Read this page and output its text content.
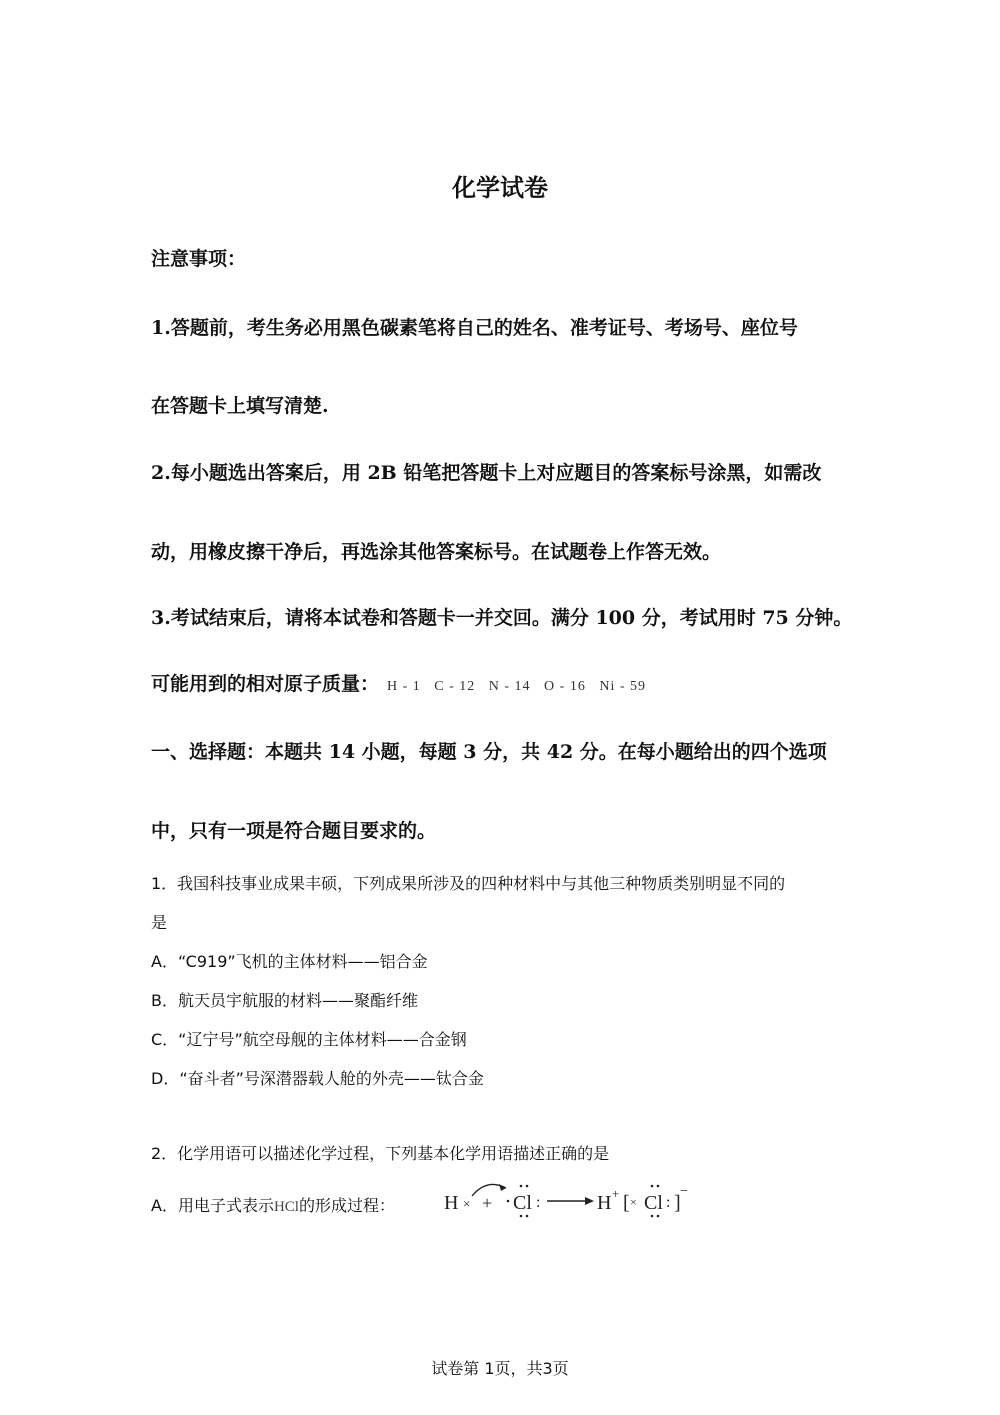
化学试卷
注意事项：
1.答题前，考生务必用黑色碳素笔将自己的姓名、准考证号、考场号、座位号
在答题卡上填写清楚.
2.每小题选出答案后，用 2B 铅笔把答题卡上对应题目的答案标号涂黑，如需改
动，用橡皮擦干净后，再选涂其他答案标号。在试题卷上作答无效。
3.考试结束后，请将本试卷和答题卡一并交回。满分 100 分，考试用时 75 分钟。
可能用到的相对原子质量： H - 1   C - 12   N - 14   O - 16   Ni - 59
一、选择题：本题共 14 小题，每题 3 分，共 42 分。在每小题给出的四个选项
中，只有一项是符合题目要求的。
1．我国科技事业成果丰硕，下列成果所涉及的四种材料中与其他三种物质类别明显不同的
是
A．“C919”飞机的主体材料——铝合金
B．航天员宇航服的材料——聚酯纤维
C．“辽宁号”航空母舰的主体材料——合金钢
D．“奋斗者”号深潜器载人舱的外壳——钛合金
2．化学用语可以描述化学过程，下列基本化学用语描述正确的是
A．用电子式表示HCl的形成过程： H × + Cl :	H + [ × Cl : ]
−
试卷第 1页，共3页
